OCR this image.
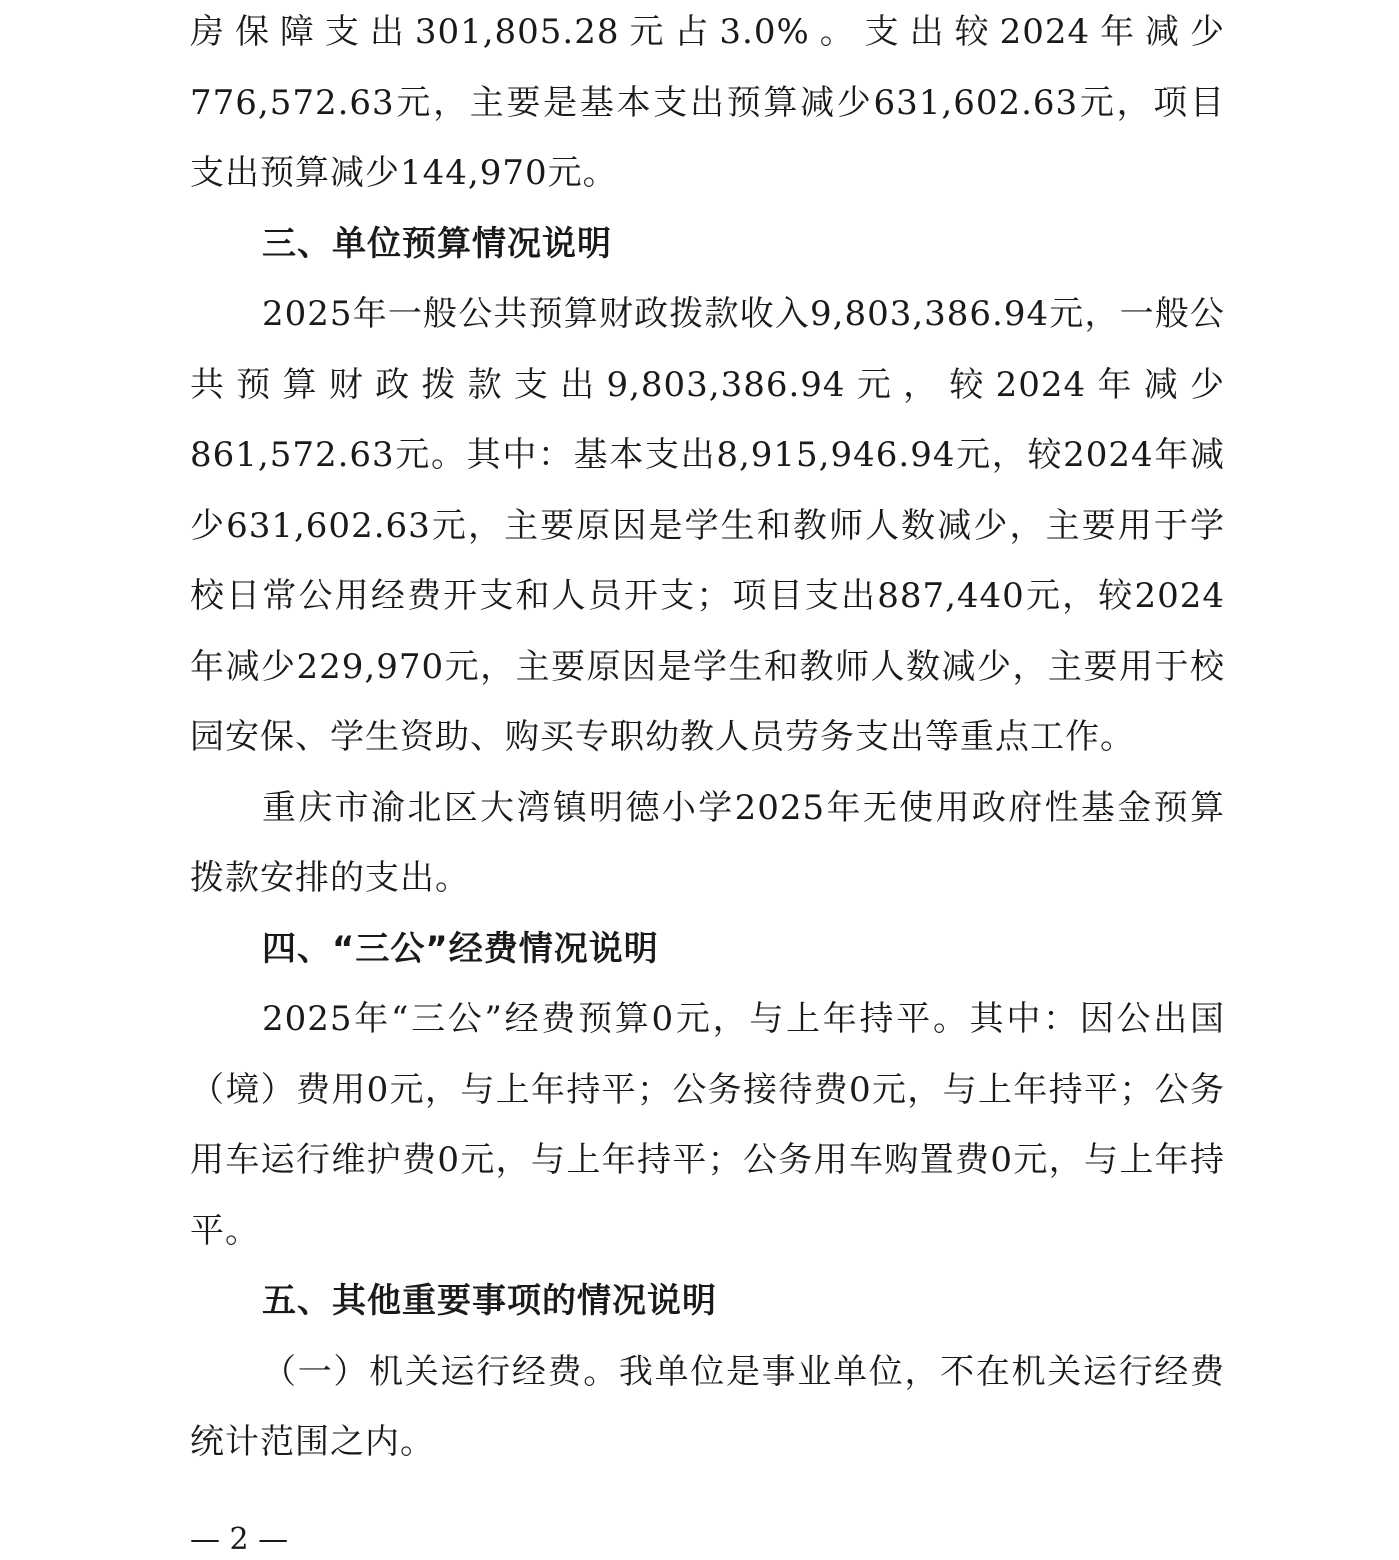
房保障支出301,805.28元占3.0%。支出较2024年减少776,572.63元，主要是基本支出预算减少631,602.63元，项目支出预算减少144,970元。

三、单位预算情况说明

2025年一般公共预算财政拨款收入9,803,386.94元，一般公共预算财政拨款支出9,803,386.94元，较2024年减少861,572.63元。其中：基本支出8,915,946.94元，较2024年减少631,602.63元，主要原因是学生和教师人数减少，主要用于学校日常公用经费开支和人员开支；项目支出887,440元，较2024年减少229,970元，主要原因是学生和教师人数减少，主要用于校园安保、学生资助、购买专职幼教人员劳务支出等重点工作。

重庆市渝北区大湾镇明德小学2025年无使用政府性基金预算拨款安排的支出。

四、“三公”经费情况说明

2025年“三公”经费预算0元，与上年持平。其中：因公出国（境）费用0元，与上年持平；公务接待费0元，与上年持平；公务用车运行维护费0元，与上年持平；公务用车购置费0元，与上年持平。

五、其他重要事项的情况说明

（一）机关运行经费。我单位是事业单位，不在机关运行经费统计范围之内。

— 2 —
